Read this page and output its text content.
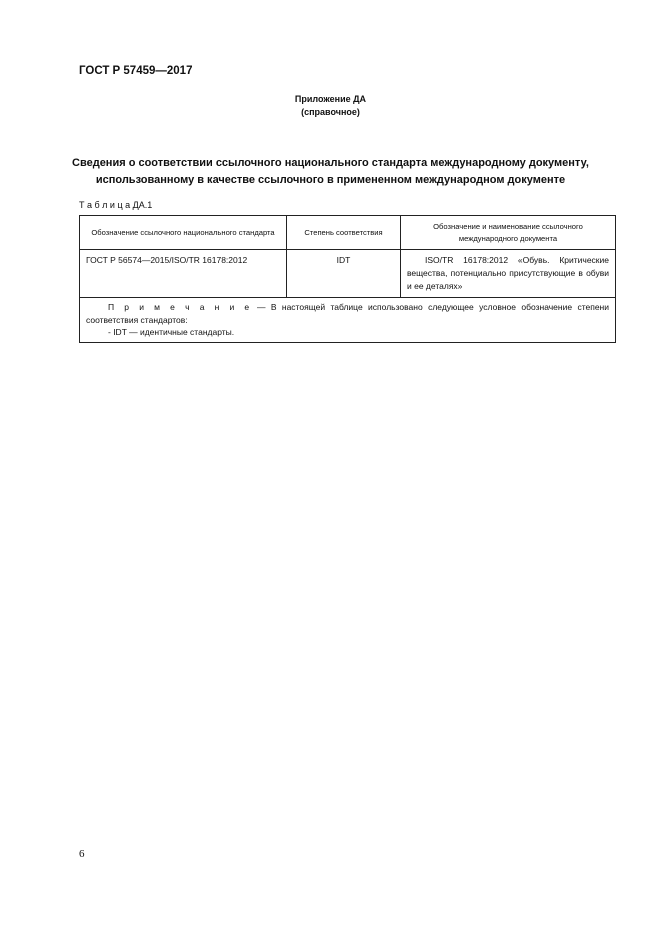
ГОСТ Р 57459—2017
Приложение ДА
(справочное)
Сведения о соответствии ссылочного национального стандарта международному документу,
использованному в качестве ссылочного в примененном международном документе
Т а б л и ц а ДА.1
Обозначение ссылочного национального стандарта	Степень соответствия	Обозначение и наименование ссылочного международного документа
ГОСТ Р 56574—2015/ISO/TR 16178:2012	IDT	ISO/TR 16178:2012 «Обувь. Критические вещества, потенциально присутствующие в обуви и ее деталях»

П р и м е ч а н и е — В настоящей таблице использовано следующее условное обозначение степени соответствия стандартов:

- IDT — идентичные стандарты.		

6
